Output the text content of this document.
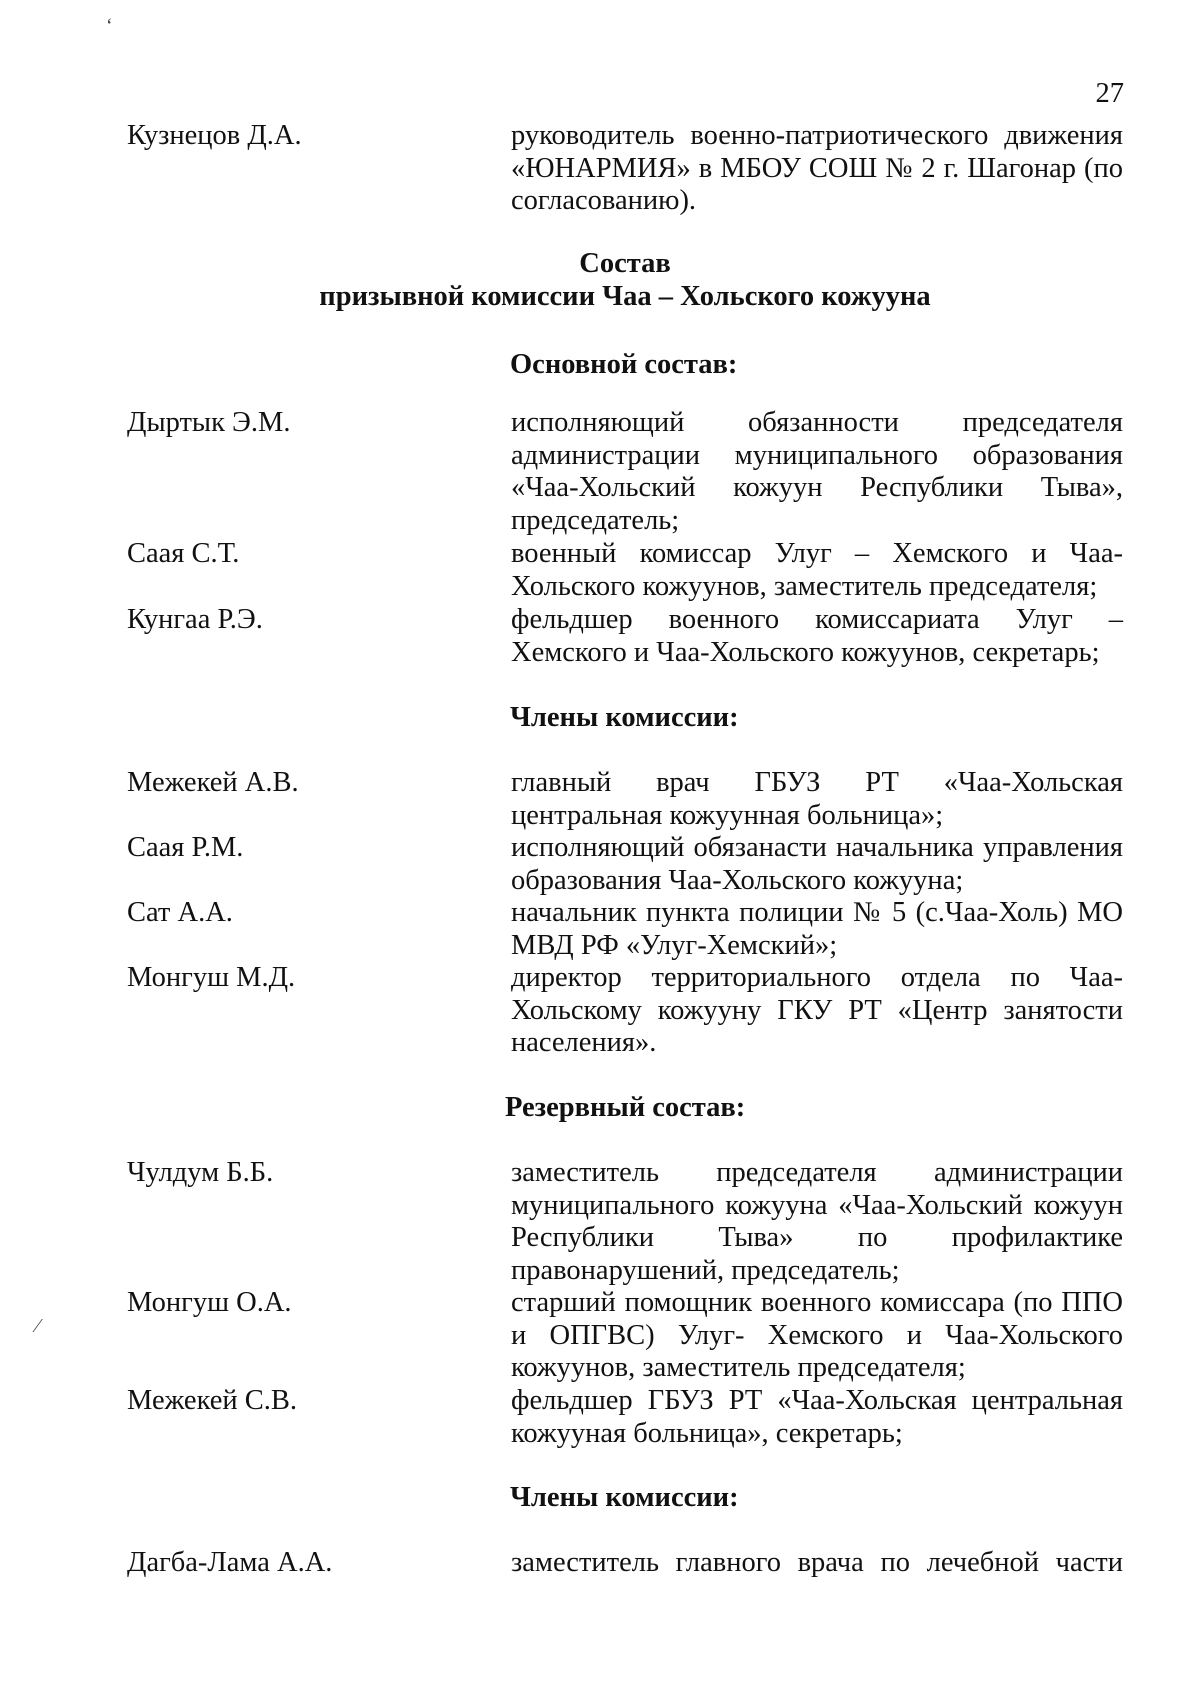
‘
⁄

27

Кузнецов Д.А.	руководитель военно-патриотического движения «ЮНАРМИЯ» в МБОУ СОШ № 2 г. Шагонар (по согласованию).

Состав
призывной комиссии Чаа – Хольского кожууна

Основной состав:

Дыртык Э.М.	исполняющий обязанности председателя администрации муниципального образования «Чаа-Хольский кожуун Республики Тыва», председатель;

Саая С.Т.	военный комиссар Улуг – Хемского и Чаа-Хольского кожуунов, заместитель председателя;

Кунгаа Р.Э.	фельдшер военного комиссариата Улуг – Хемского и Чаа-Хольского кожуунов, секретарь;

Члены комиссии:

Межекей А.В.	главный врач ГБУЗ РТ «Чаа-Хольская центральная кожуунная больница»;

Саая Р.М.	исполняющий обязанасти начальника управления образования Чаа-Хольского кожууна;

Сат А.А.	начальник пункта полиции № 5 (с.Чаа-Холь) МО МВД РФ «Улуг-Хемский»;

Монгуш М.Д.	директор территориального отдела по Чаа-Хольскому кожууну ГКУ РТ «Центр занятости населения».

Резервный состав:

Чулдум Б.Б.	заместитель председателя администрации муниципального кожууна «Чаа-Хольский кожуун Республики Тыва» по профилактике правонарушений, председатель;

Монгуш О.А.	старший помощник военного комиссара (по ППО и ОПГВС) Улуг- Хемского и Чаа-Хольского кожуунов, заместитель председателя;

Межекей С.В.	фельдшер ГБУЗ РТ «Чаа-Хольская центральная кожууная больница», секретарь;

Члены комиссии:

Дагба-Лама А.А.	заместитель главного врача по лечебной части
